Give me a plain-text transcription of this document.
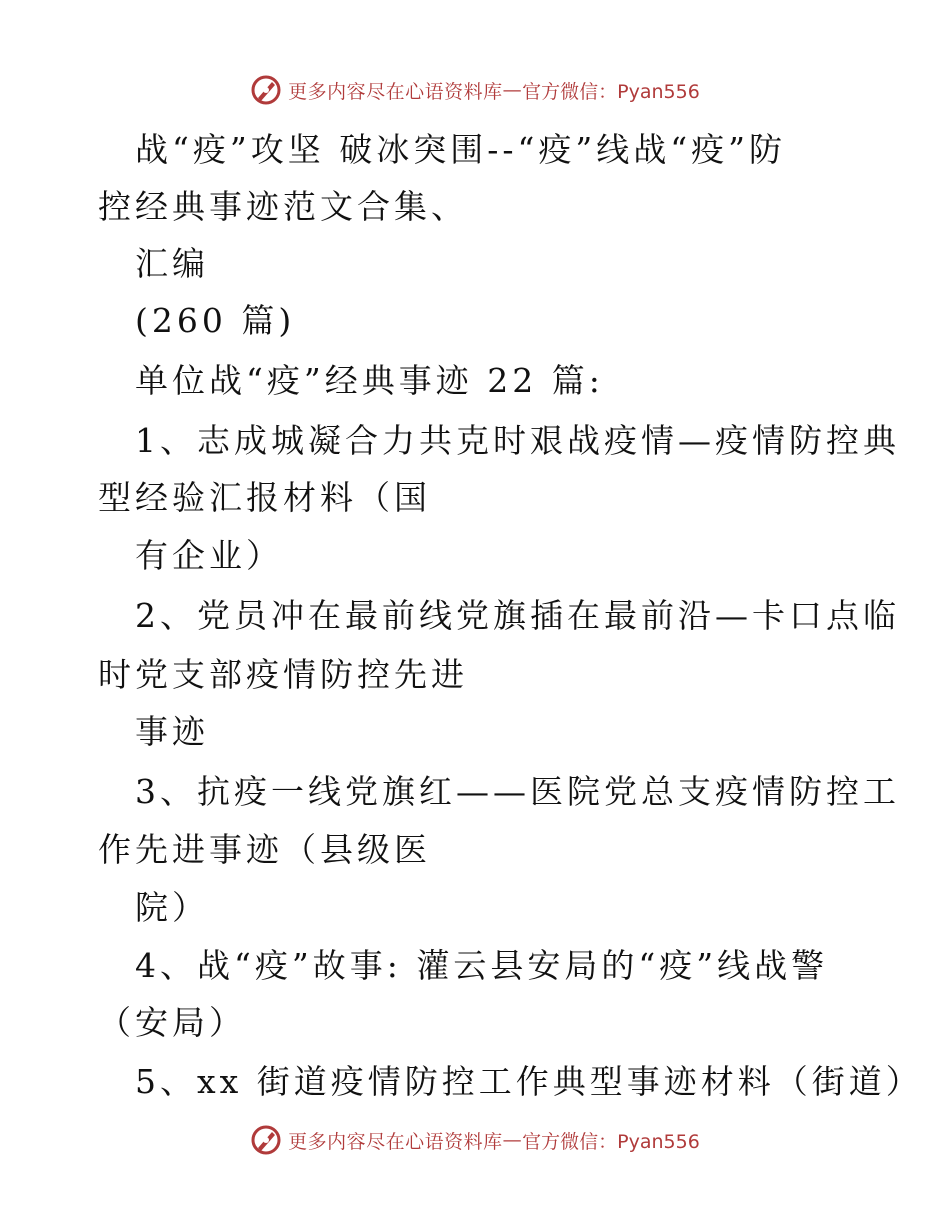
更多内容尽在心语资料库 — 官方微信：Pyan556
战“疫”攻坚 破冰突围--“疫”线战“疫”防
控经典事迹范文合集、
汇编
(260 篇)
单位战“疫”经典事迹 22 篇:
1、志成城凝合力共克时艰战疫情—疫情防控典
型经验汇报材料（国
有企业）
2、党员冲在最前线党旗插在最前沿—卡口点临
时党支部疫情防控先进
事迹
3、抗疫一线党旗红——医院党总支疫情防控工
作先进事迹（县级医
院）
4、战“疫”故事: 灌云县安局的“疫”线战警
（安局）
5、xx 街道疫情防控工作典型事迹材料（街道）
更多内容尽在心语资料库 — 官方微信：Pyan556
